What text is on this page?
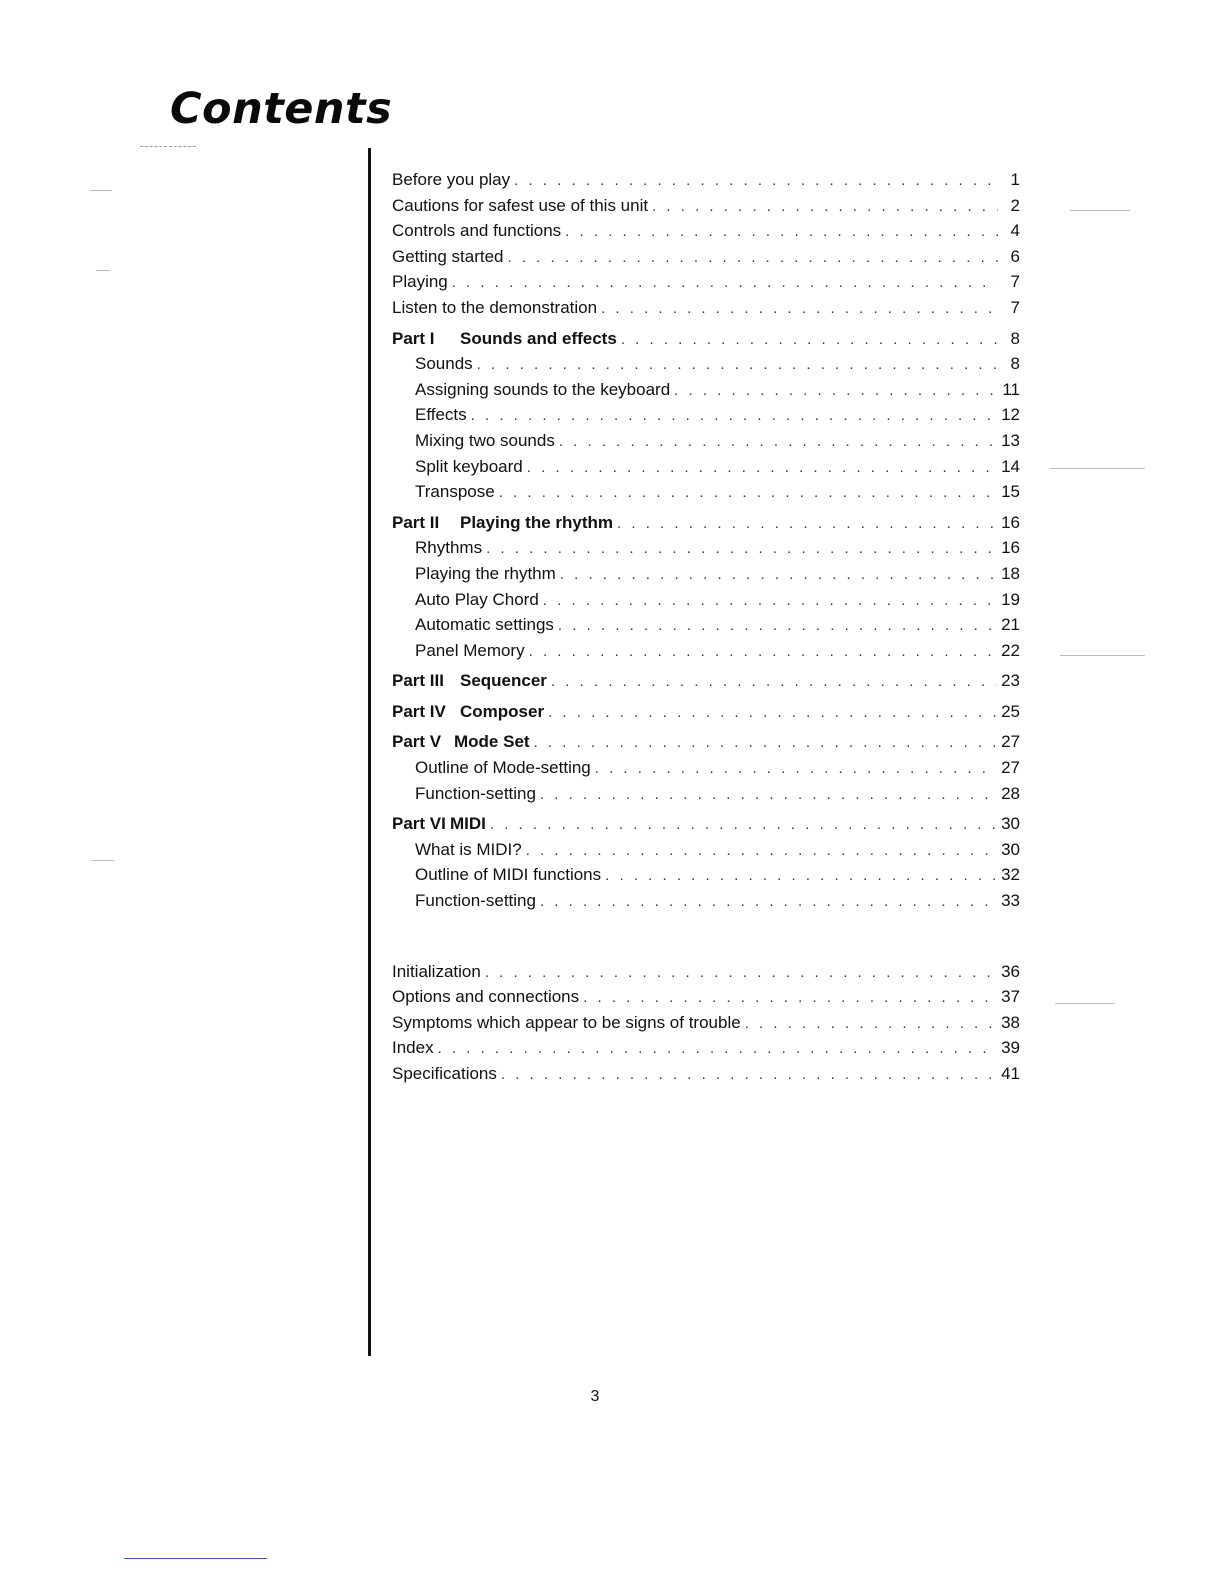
Contents
Before you play . . .	1
Cautions for safest use of this unit . . .	2
Controls and functions . . .	4
Getting started . . .	6
Playing . . .	7
Listen to the demonstration . . .	7
Part I Sounds and effects . . .	8
Sounds . . .	8
Assigning sounds to the keyboard . . .	11
Effects . . .	12
Mixing two sounds . . .	13
Split keyboard . . .	14
Transpose . . .	15
Part II Playing the rhythm . . .	16
Rhythms . . .	16
Playing the rhythm . . .	18
Auto Play Chord . . .	19
Automatic settings . . .	21
Panel Memory . . .	22
Part III Sequencer . . .	23
Part IV Composer . . .	25
Part V Mode Set . . .	27
Outline of Mode-setting . . .	27
Function-setting . . .	28
Part VI MIDI . . .	30
What is MIDI? . . .	30
Outline of MIDI functions . . .	32
Function-setting . . .	33
Initialization . . .	36
Options and connections . . .	37
Symptoms which appear to be signs of trouble . . .	38
Index . . .	39
Specifications . . .	41
3
